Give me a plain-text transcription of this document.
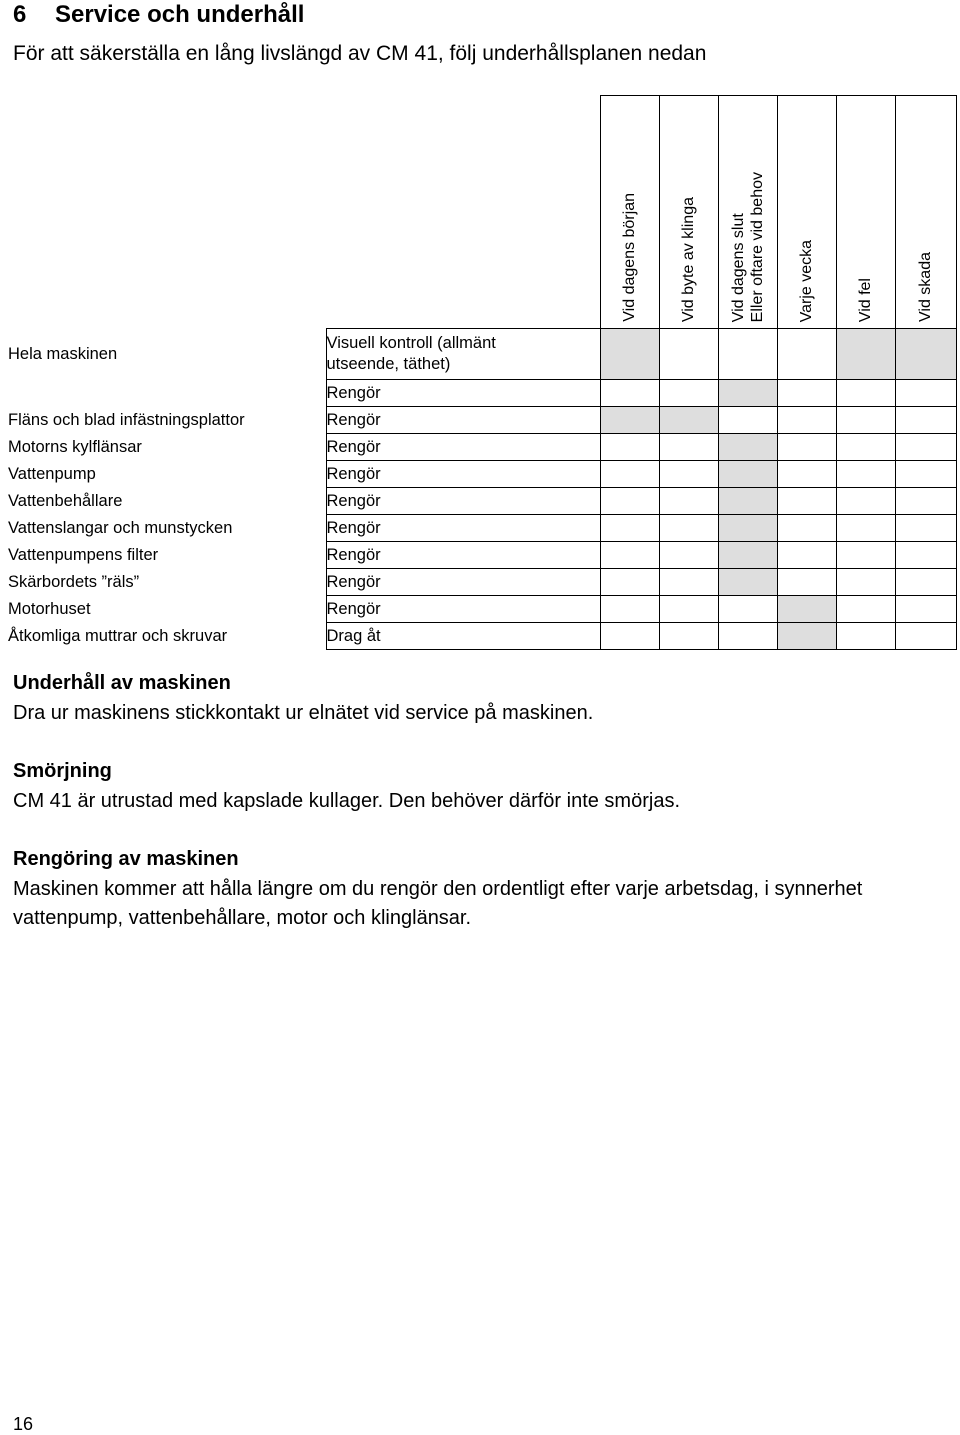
6 Service och underhåll
För att säkerställa en lång livslängd av CM 41, följ underhållsplanen nedan

		Vid dagens början	Vid byte av klinga	Vid dagens slut Eller oftare vid behov	Varje vecka	Vid fel	Vid skada

Hela maskinen	Visuell kontroll (allmänt utseende, täthet)						
	Rengör						
Fläns och blad infästningsplattor	Rengör						
Motorns kylflänsar	Rengör						
Vattenpump	Rengör						
Vattenbehållare	Rengör						
Vattenslangar och munstycken	Rengör						
Vattenpumpens filter	Rengör						
Skärbordets ”räls”	Rengör						
Motorhuset	Rengör						
Åtkomliga muttrar och skruvar	Drag åt						
Underhåll av maskinen
Dra ur maskinens stickkontakt ur elnätet vid service på maskinen.
Smörjning
CM 41 är utrustad med kapslade kullager. Den behöver därför inte smörjas.
Rengöring av maskinen
Maskinen kommer att hålla längre om du rengör den ordentligt efter varje arbetsdag, i synnerhet vattenpump, vattenbehållare, motor och klinglänsar.
16
